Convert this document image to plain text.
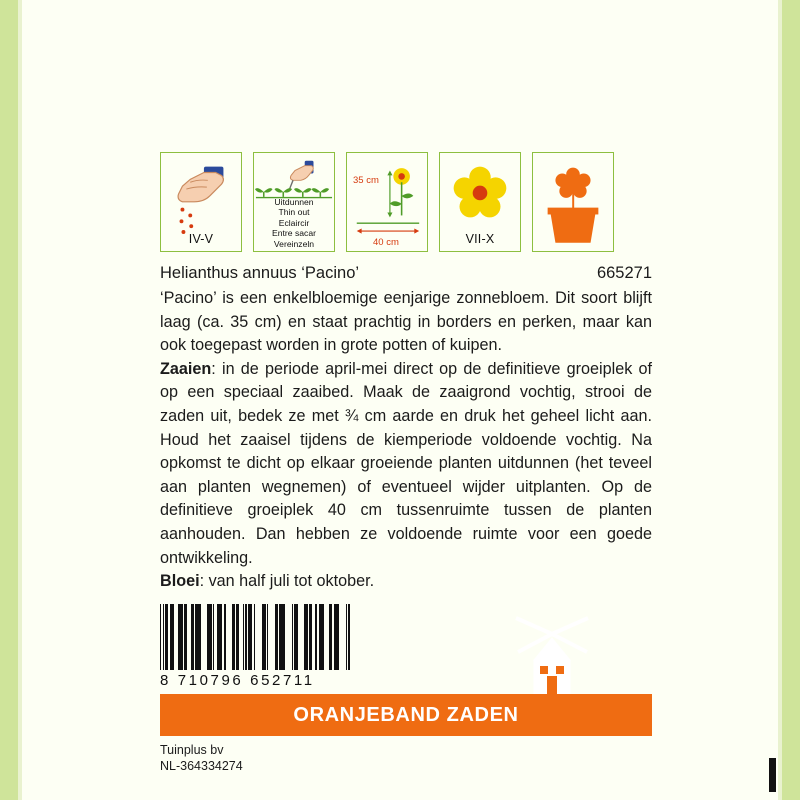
IV-V
Uitdunnen
Thin out
Eclaircir
Entre sacar
Vereinzeln
35 cm
40 cm	VII-X
Helianthus annuus ‘Pacino’	665271

‘Pacino’ is een enkelbloemige eenjarige zonnebloem. Dit soort blijft laag (ca. 35 cm) en staat prachtig in borders en perken, maar kan ook toegepast worden in grote potten of kuipen.

Zaaien: in de periode april-mei direct op de definitieve groeiplek of op een speciaal zaaibed. Maak de zaaigrond vochtig, strooi de zaden uit, bedek ze met ¾ cm aarde en druk het geheel licht aan. Houd het zaaisel tijdens de kiemperiode voldoende vochtig. Na opkomst te dicht op elkaar groeiende planten uitdunnen (het teveel aan planten wegnemen) of eventueel wijder uitplanten. Op de definitieve groeiplek 40 cm tussenruimte tussen de planten aanhouden. Dan hebben ze voldoende ruimte voor een goede ontwikkeling.

Bloei: van half juli tot oktober.

8 710796 652711
ORANJEBAND ZADEN
Tuinplus bv
NL-364334274
